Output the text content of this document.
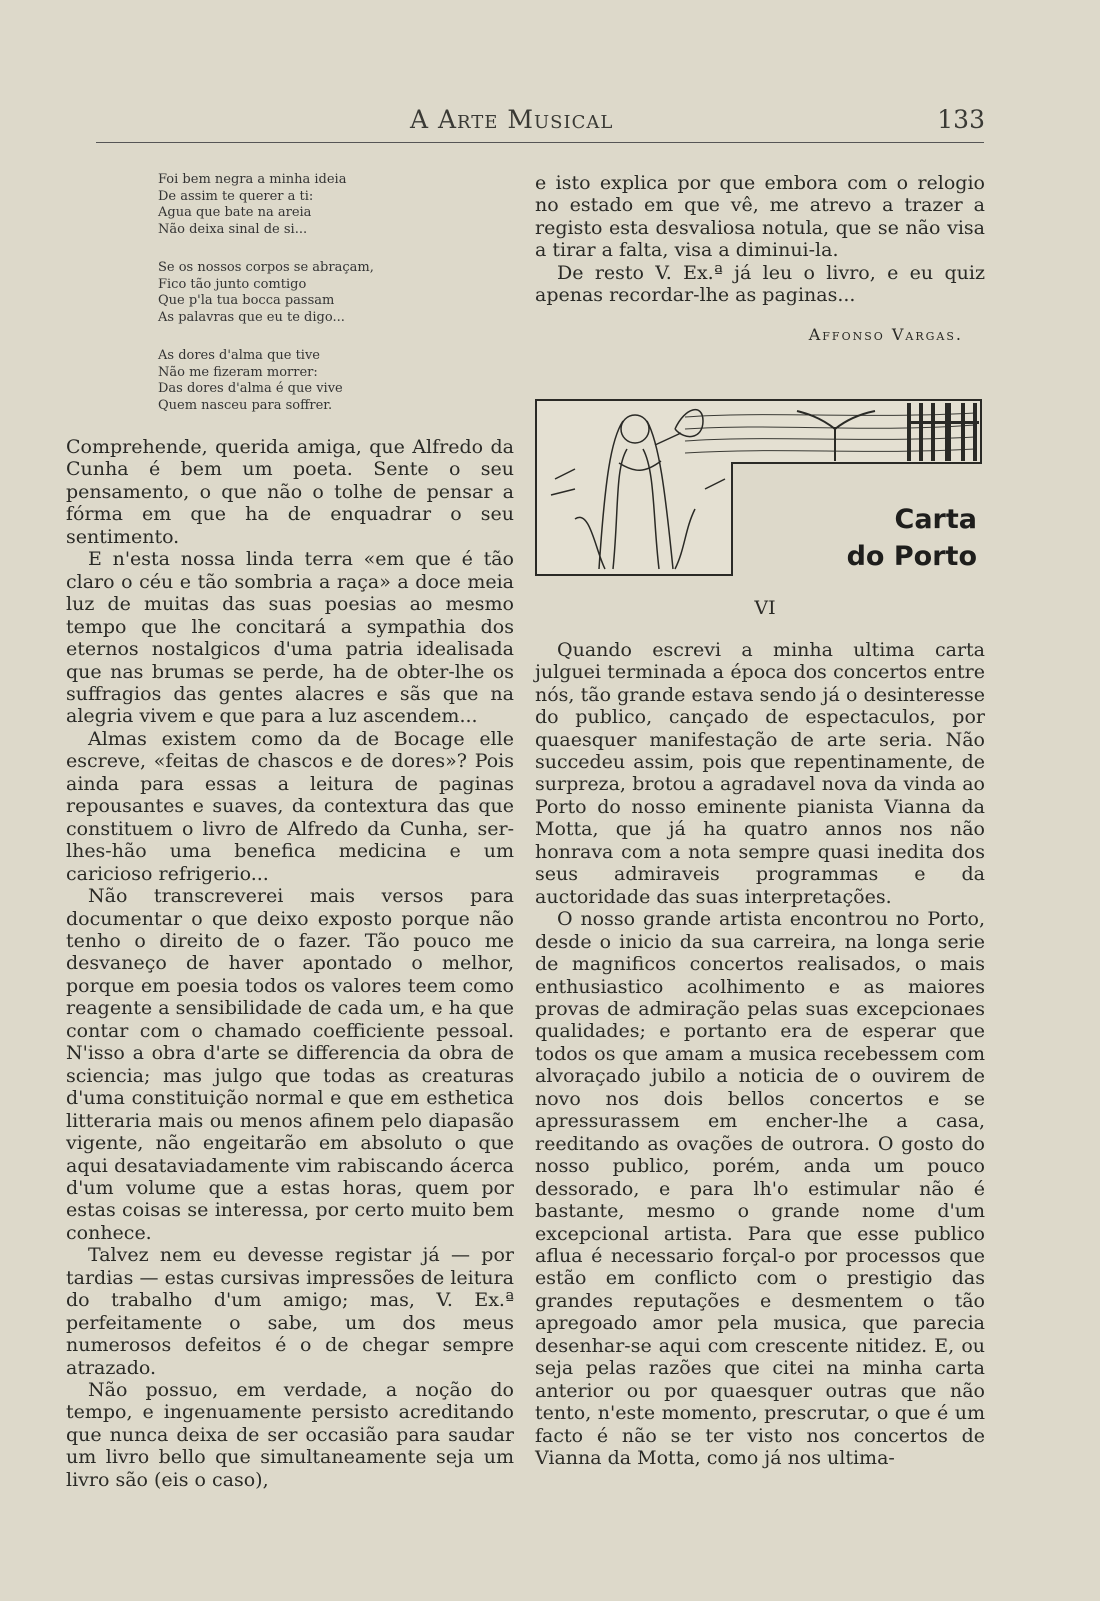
A Arte Musical	133
Foi bem negra a minha ideia
De assim te querer a ti:
Agua que bate na areia
Não deixa sinal de si...
Se os nossos corpos se abraçam,
Fico tão junto comtigo
Que p'la tua bocca passam
As palavras que eu te digo...
As dores d'alma que tive
Não me fizeram morrer:
Das dores d'alma é que vive
Quem nasceu para soffrer.

Comprehende, querida amiga, que Alfredo da Cunha é bem um poeta. Sente o seu pensamento, o que não o tolhe de pensar a fórma em que ha de enquadrar o seu sentimento.

E n'esta nossa linda terra «em que é tão claro o céu e tão sombria a raça» a doce meia luz de muitas das suas poesias ao mesmo tempo que lhe concitará a sympathia dos eternos nostalgicos d'uma patria idealisada que nas brumas se perde, ha de obter-lhe os suffragios das gentes alacres e sãs que na alegria vivem e que para a luz ascendem...

Almas existem como da de Bocage elle escreve, «feitas de chascos e de dores»? Pois ainda para essas a leitura de paginas repousantes e suaves, da contextura das que constituem o livro de Alfredo da Cunha, ser-lhes-hão uma benefica medicina e um caricioso refrigerio...

Não transcreverei mais versos para documentar o que deixo exposto porque não tenho o direito de o fazer. Tão pouco me desvaneço de haver apontado o melhor, porque em poesia todos os valores teem como reagente a sensibilidade de cada um, e ha que contar com o chamado coefficiente pessoal. N'isso a obra d'arte se differencia da obra de sciencia; mas julgo que todas as creaturas d'uma constituição normal e que em esthetica litteraria mais ou menos afinem pelo diapasão vigente, não engeitarão em absoluto o que aqui desataviadamente vim rabiscando ácerca d'um volume que a estas horas, quem por estas coisas se interessa, por certo muito bem conhece.

Talvez nem eu devesse registar já — por tardias — estas cursivas impressões de leitura do trabalho d'um amigo; mas, V. Ex.ª perfeitamente o sabe, um dos meus numerosos defeitos é o de chegar sempre atrazado.

Não possuo, em verdade, a noção do tempo, e ingenuamente persisto acreditando que nunca deixa de ser occasião para saudar um livro bello que simultaneamente seja um livro são (eis o caso),

e isto explica por que embora com o relogio no estado em que vê, me atrevo a trazer a registo esta desvaliosa notula, que se não visa a tirar a falta, visa a diminui-la.

De resto V. Ex.ª já leu o livro, e eu quiz apenas recordar-lhe as paginas...

Affonso Vargas.
Carta
do Porto
VI

Quando escrevi a minha ultima carta julguei terminada a época dos concertos entre nós, tão grande estava sendo já o desinteresse do publico, cançado de espectaculos, por quaesquer manifestação de arte seria. Não succedeu assim, pois que repentinamente, de surpreza, brotou a agradavel nova da vinda ao Porto do nosso eminente pianista Vianna da Motta, que já ha quatro annos nos não honrava com a nota sempre quasi inedita dos seus admiraveis programmas e da auctoridade das suas interpretações.

O nosso grande artista encontrou no Porto, desde o inicio da sua carreira, na longa serie de magnificos concertos realisados, o mais enthusiastico acolhimento e as maiores provas de admiração pelas suas excepcionaes qualidades; e portanto era de esperar que todos os que amam a musica recebessem com alvoraçado jubilo a noticia de o ouvirem de novo nos dois bellos concertos e se apressurassem em encher-lhe a casa, reeditando as ovações de outrora. O gosto do nosso publico, porém, anda um pouco dessorado, e para lh'o estimular não é bastante, mesmo o grande nome d'um excepcional artista. Para que esse publico aflua é necessario forçal-o por processos que estão em conflicto com o prestigio das grandes reputações e desmentem o tão apregoado amor pela musica, que parecia desenhar-se aqui com crescente nitidez. E, ou seja pelas razões que citei na minha carta anterior ou por quaesquer outras que não tento, n'este momento, prescrutar, o que é um facto é não se ter visto nos concertos de Vianna da Motta, como já nos ultima-
